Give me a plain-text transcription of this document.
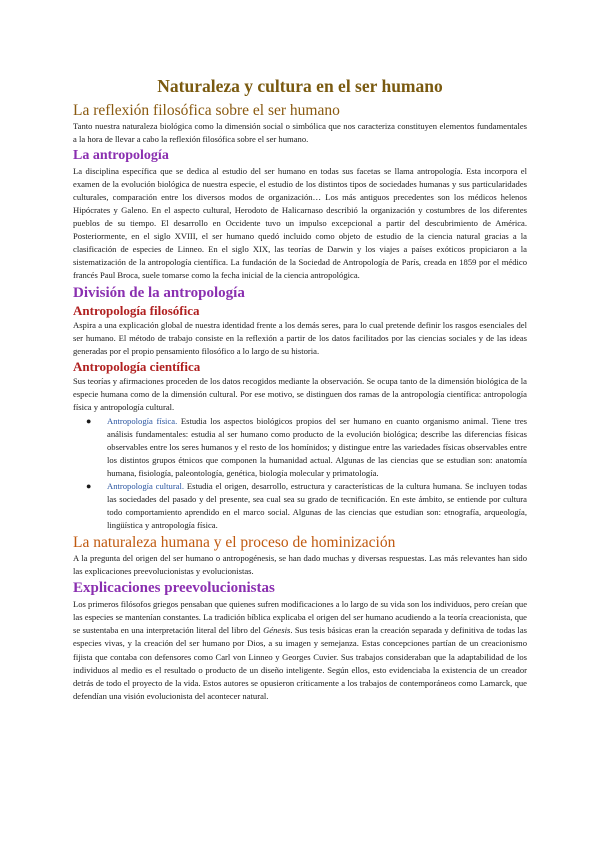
Naturaleza y cultura en el ser humano
La reflexión filosófica sobre el ser humano

Tanto nuestra naturaleza biológica como la dimensión social o simbólica que nos caracteriza constituyen elementos fundamentales a la hora de llevar a cabo la reflexión filosófica sobre el ser humano.

La antropología

La disciplina específica que se dedica al estudio del ser humano en todas sus facetas se llama antropología. Esta incorpora el examen de la evolución biológica de nuestra especie, el estudio de los distintos tipos de sociedades humanas y sus particularidades culturales, comparación entre los diversos modos de organización… Los más antiguos precedentes son los médicos helenos Hipócrates y Galeno. En el aspecto cultural, Herodoto de Halicarnaso describió la organización y costumbres de los diferentes pueblos de su tiempo. El desarrollo en Occidente tuvo un impulso excepcional a partir del descubrimiento de América. Posteriormente, en el siglo XVIII, el ser humano quedó incluido como objeto de estudio de la ciencia natural gracias a la clasificación de especies de Linneo. En el siglo XIX, las teorías de Darwin y los viajes a países exóticos propiciaron a la sistematización de la antropología científica. La fundación de la Sociedad de Antropología de París, creada en 1859 por el médico francés Paul Broca, suele tomarse como la fecha inicial de la ciencia antropológica.

División de la antropología
Antropología filosófica

Aspira a una explicación global de nuestra identidad frente a los demás seres, para lo cual pretende definir los rasgos esenciales del ser humano. El método de trabajo consiste en la reflexión a partir de los datos facilitados por las ciencias sociales y de las ideas generadas por el propio pensamiento filosófico a lo largo de su historia.

Antropología científica

Sus teorías y afirmaciones proceden de los datos recogidos mediante la observación. Se ocupa tanto de la dimensión biológica de la especie humana como de la dimensión cultural. Por ese motivo, se distinguen dos ramas de la antropología científica: antropología física y antropología cultural.

● Antropología física. Estudia los aspectos biológicos propios del ser humano en cuanto organismo animal. Tiene tres análisis fundamentales: estudia al ser humano como producto de la evolución biológica; describe las diferencias físicas observables entre los seres humanos y el resto de los homínidos; y distingue entre las variedades físicas observables entre los distintos grupos étnicos que componen la humanidad actual. Algunas de las ciencias que se estudian son: anatomía humana, fisiología, paleontología, genética, biología molecular y primatología.
● Antropología cultural. Estudia el origen, desarrollo, estructura y características de la cultura humana. Se incluyen todas las sociedades del pasado y del presente, sea cual sea su grado de tecnificación. En este ámbito, se entiende por cultura todo comportamiento aprendido en el marco social. Algunas de las ciencias que estudian son: etnografía, arqueología, lingüística y antropología física.
La naturaleza humana y el proceso de hominización

A la pregunta del origen del ser humano o antropogénesis, se han dado muchas y diversas respuestas. Las más relevantes han sido las explicaciones preevolucionistas y evolucionistas.

Explicaciones preevolucionistas

Los primeros filósofos griegos pensaban que quienes sufren modificaciones a lo largo de su vida son los individuos, pero creían que las especies se mantenían constantes. La tradición bíblica explicaba el origen del ser humano acudiendo a la teoría creacionista, que se sustentaba en una interpretación literal del libro del Génesis. Sus tesis básicas eran la creación separada y definitiva de todas las especies vivas, y la creación del ser humano por Dios, a su imagen y semejanza. Estas concepciones partían de un creacionismo fijista que contaba con defensores como Carl von Linneo y Georges Cuvier. Sus trabajos consideraban que la adaptabilidad de los individuos al medio es el resultado o producto de un diseño inteligente. Según ellos, esto evidenciaba la existencia de un creador detrás de todo el proyecto de la vida. Estos autores se opusieron críticamente a los trabajos de contemporáneos como Lamarck, que defendían una visión evolucionista del acontecer natural.
